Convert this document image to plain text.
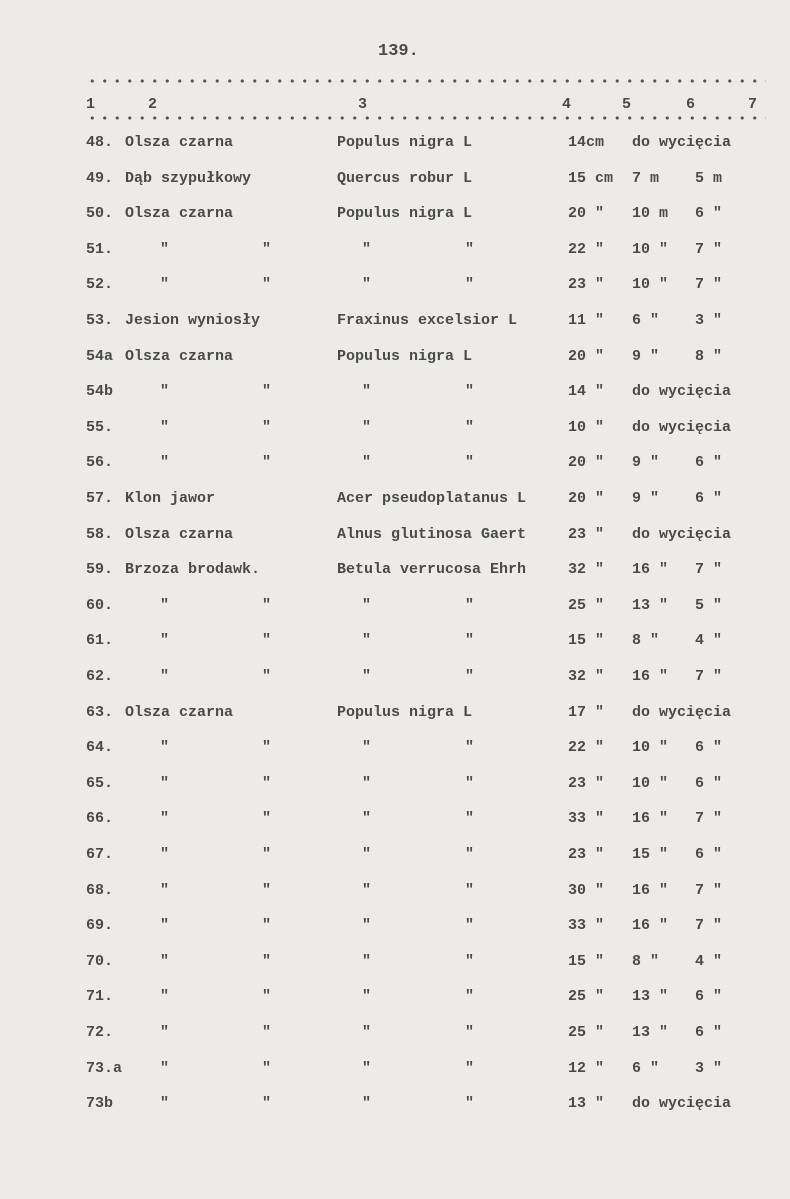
139.
1	2	3	4	5	6	7
48. Olsza czarna	Populus nigra L	14cm do wycięcia
49. Dąb szypułkowy	Quercus robur L	15 cm 7 m 5 m
50. Olsza czarna	Populus nigra L	20 " 10 m 6 "
51.	"	"	"	"	22 " 10 " 7 "
52.	"	"	"	"	23 " 10 " 7 "
53. Jesion wyniosły	Fraxinus excelsior L	11 " 6 " 3 "
54a Olsza czarna	Populus nigra L	20 " 9 " 8 "
54b	"	"	"	"	14 " do wycięcia
55.	"	"	"	"	10 " do wycięcia
56.	"	"	"	"	20 " 9 " 6 "
57. Klon jawor	Acer pseudoplatanus L	20 " 9 " 6 "
58. Olsza czarna	Alnus glutinosa Gaert	23 " do wycięcia
59. Brzoza brodawk.	Betula verrucosa Ehrh	32 " 16 " 7 "
60.	"	"	"	"	25 " 13 " 5 "
61.	"	"	"	"	15 " 8 " 4 "
62.	"	"	"	"	32 " 16 " 7 "
63. Olsza czarna	Populus nigra L	17 " do wycięcia
64.	"	"	"	"	22 " 10 " 6 "
65.	"	"	"	"	23 " 10 " 6 "
66.	"	"	"	"	33 " 16 " 7 "
67.	"	"	"	"	23 " 15 " 6 "
68.	"	"	"	"	30 " 16 " 7 "
69.	"	"	"	"	33 " 16 " 7 "
70.	"	"	"	"	15 " 8 " 4 "
71.	"	"	"	"	25 " 13 " 6 "
72.	"	"	"	"	25 " 13 " 6 "
73.a	"	"	"	"	12 " 6 " 3 "
73b	"	"	"	"	13 " do wycięcia
